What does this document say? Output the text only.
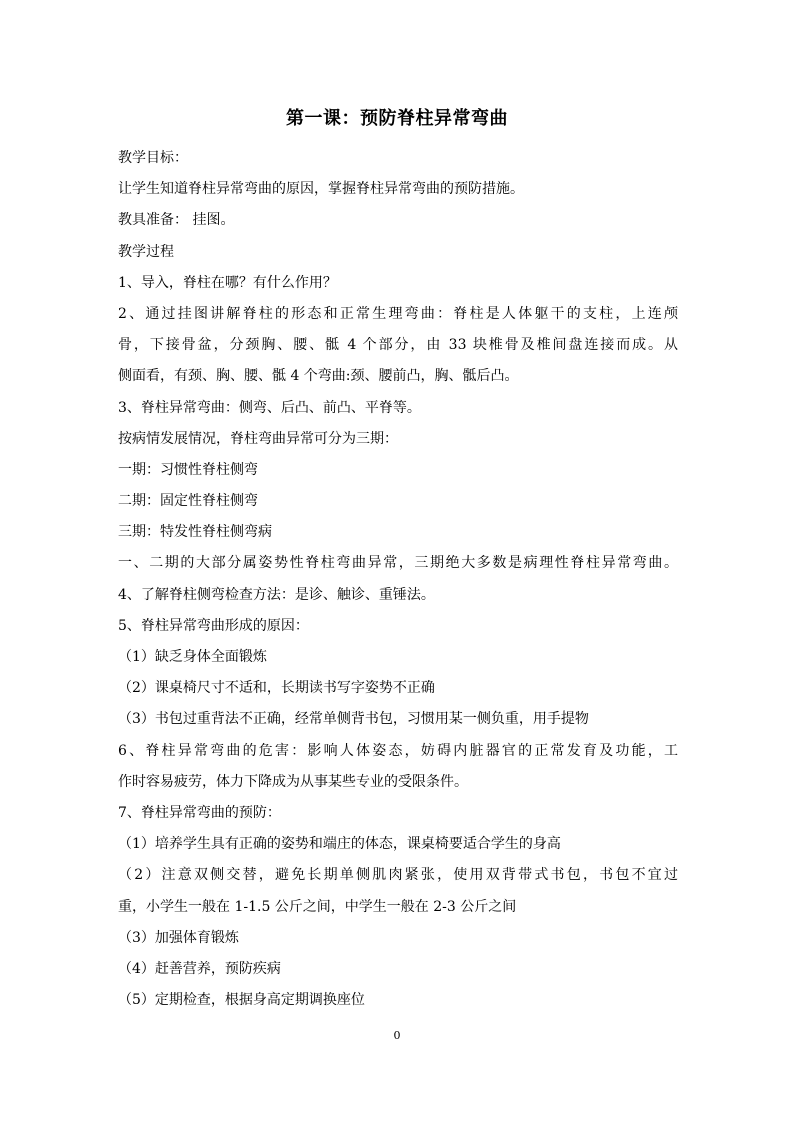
第一课：预防脊柱异常弯曲
教学目标：
让学生知道脊柱异常弯曲的原因，掌握脊柱异常弯曲的预防措施。
教具准备： 挂图。
教学过程
1、导入，脊柱在哪？有什么作用？
2、通过挂图讲解脊柱的形态和正常生理弯曲：脊柱是人体躯干的支柱，上连颅
骨，下接骨盆，分颈胸、腰、骶 4 个部分，由 33 块椎骨及椎间盘连接而成。从
侧面看，有颈、胸、腰、骶 4 个弯曲:颈、腰前凸，胸、骶后凸。
3、脊柱异常弯曲：侧弯、后凸、前凸、平脊等。
按病情发展情况，脊柱弯曲异常可分为三期：
一期：习惯性脊柱侧弯
二期：固定性脊柱侧弯
三期：特发性脊柱侧弯病
一、二期的大部分属姿势性脊柱弯曲异常，三期绝大多数是病理性脊柱异常弯曲。
4、了解脊柱侧弯检查方法：是诊、触诊、重锤法。
5、脊柱异常弯曲形成的原因：
（1）缺乏身体全面锻炼
（2）课桌椅尺寸不适和，长期读书写字姿势不正确
（3）书包过重背法不正确，经常单侧背书包，习惯用某一侧负重，用手提物
6、脊柱异常弯曲的危害：影响人体姿态，妨碍内脏器官的正常发育及功能，工
作时容易疲劳，体力下降成为从事某些专业的受限条件。
7、脊柱异常弯曲的预防：
（1）培养学生具有正确的姿势和端庄的体态，课桌椅要适合学生的身高
（2）注意双侧交替，避免长期单侧肌肉紧张，使用双背带式书包，书包不宜过
重，小学生一般在 1-1.5 公斤之间，中学生一般在 2-3 公斤之间
（3）加强体育锻炼
（4）赶善营养，预防疾病
（5）定期检查，根据身高定期调换座位
0
